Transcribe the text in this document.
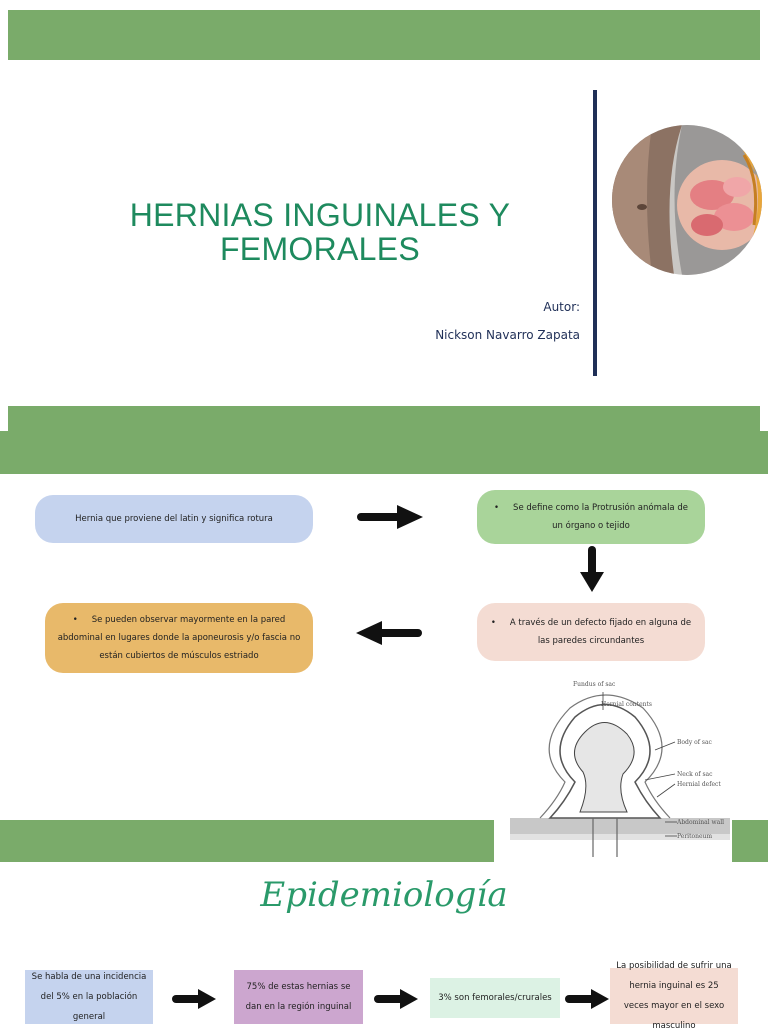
HERNIAS INGUINALES Y
FEMORALES
Autor:
Nickson Navarro Zapata
Hernia que proviene del latin y significa rotura
• Se define como la Protrusión anómala de un órgano o tejido
• A través de un defecto fijado en alguna de las paredes circundantes
• Se pueden observar mayormente en la pared abdominal en lugares donde la aponeurosis y/o fascia no están cubiertos de músculos estriado
Fundus of sac
Hernial contents
Body of sac
Neck of sac
Hernial defect
Abdominal wall
Peritoneum
Epidemiología
Se habla de una incidencia del 5% en la población general
75% de estas hernias se dan en la región inguinal
3% son femorales/crurales
La posibilidad de sufrir una hernia inguinal es 25 veces mayor en el sexo masculino
